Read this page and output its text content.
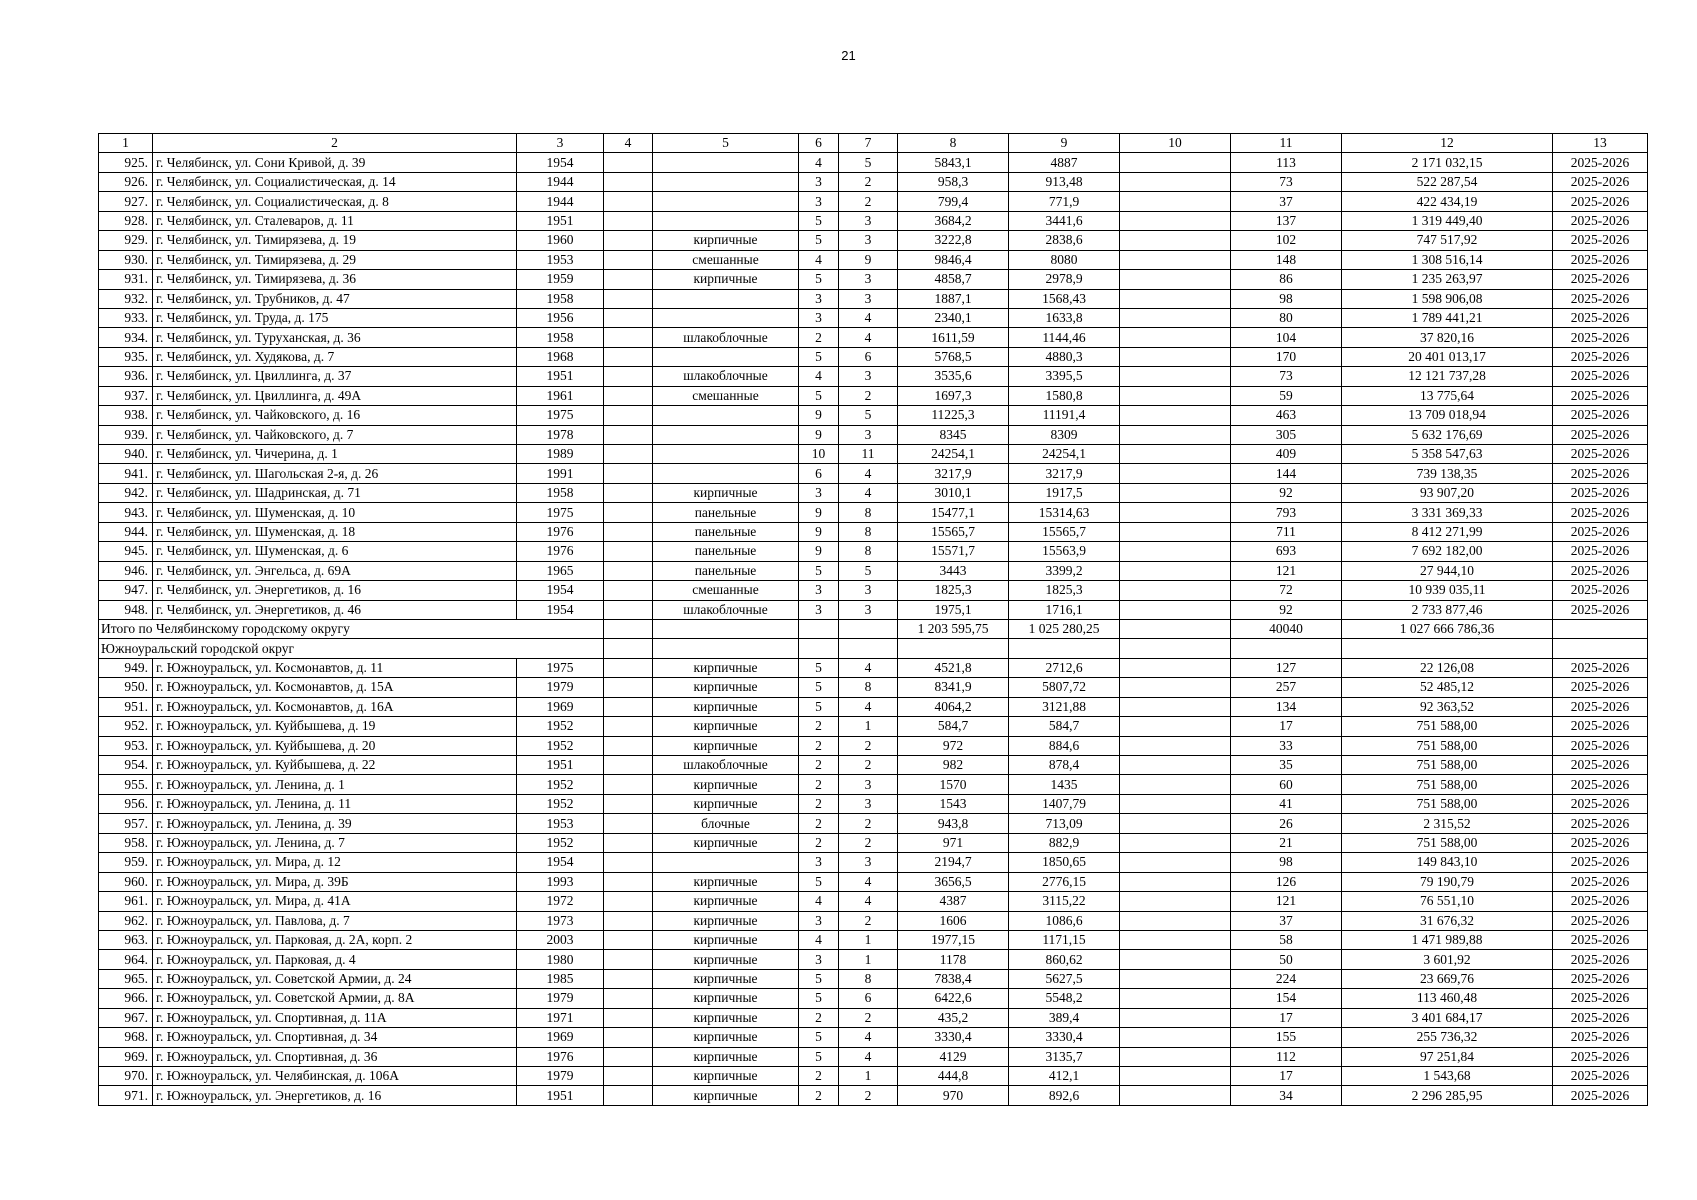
21
1	2	3	4	5	6	7	8	9	10	11	12	13
925.	г. Челябинск, ул. Сони Кривой, д. 39	1954			4	5	5843,1	4887		113	2 171 032,15	2025-2026
926.	г. Челябинск, ул. Социалистическая, д. 14	1944			3	2	958,3	913,48		73	522 287,54	2025-2026
927.	г. Челябинск, ул. Социалистическая, д. 8	1944			3	2	799,4	771,9		37	422 434,19	2025-2026
928.	г. Челябинск, ул. Сталеваров, д. 11	1951			5	3	3684,2	3441,6		137	1 319 449,40	2025-2026
929.	г. Челябинск, ул. Тимирязева, д. 19	1960		кирпичные	5	3	3222,8	2838,6		102	747 517,92	2025-2026
930.	г. Челябинск, ул. Тимирязева, д. 29	1953		смешанные	4	9	9846,4	8080		148	1 308 516,14	2025-2026
931.	г. Челябинск, ул. Тимирязева, д. 36	1959		кирпичные	5	3	4858,7	2978,9		86	1 235 263,97	2025-2026
932.	г. Челябинск, ул. Трубников, д. 47	1958			3	3	1887,1	1568,43		98	1 598 906,08	2025-2026
933.	г. Челябинск, ул. Труда, д. 175	1956			3	4	2340,1	1633,8		80	1 789 441,21	2025-2026
934.	г. Челябинск, ул. Туруханская, д. 36	1958		шлакоблочные	2	4	1611,59	1144,46		104	37 820,16	2025-2026
935.	г. Челябинск, ул. Худякова, д. 7	1968			5	6	5768,5	4880,3		170	20 401 013,17	2025-2026
936.	г. Челябинск, ул. Цвиллинга, д. 37	1951		шлакоблочные	4	3	3535,6	3395,5		73	12 121 737,28	2025-2026
937.	г. Челябинск, ул. Цвиллинга, д. 49А	1961		смешанные	5	2	1697,3	1580,8		59	13 775,64	2025-2026
938.	г. Челябинск, ул. Чайковского, д. 16	1975			9	5	11225,3	11191,4		463	13 709 018,94	2025-2026
939.	г. Челябинск, ул. Чайковского, д. 7	1978			9	3	8345	8309		305	5 632 176,69	2025-2026
940.	г. Челябинск, ул. Чичерина, д. 1	1989			10	11	24254,1	24254,1		409	5 358 547,63	2025-2026
941.	г. Челябинск, ул. Шагольская 2-я, д. 26	1991			6	4	3217,9	3217,9		144	739 138,35	2025-2026
942.	г. Челябинск, ул. Шадринская, д. 71	1958		кирпичные	3	4	3010,1	1917,5		92	93 907,20	2025-2026
943.	г. Челябинск, ул. Шуменская, д. 10	1975		панельные	9	8	15477,1	15314,63		793	3 331 369,33	2025-2026
944.	г. Челябинск, ул. Шуменская, д. 18	1976		панельные	9	8	15565,7	15565,7		711	8 412 271,99	2025-2026
945.	г. Челябинск, ул. Шуменская, д. 6	1976		панельные	9	8	15571,7	15563,9		693	7 692 182,00	2025-2026
946.	г. Челябинск, ул. Энгельса, д. 69А	1965		панельные	5	5	3443	3399,2		121	27 944,10	2025-2026
947.	г. Челябинск, ул. Энергетиков, д. 16	1954		смешанные	3	3	1825,3	1825,3		72	10 939 035,11	2025-2026
948.	г. Челябинск, ул. Энергетиков, д. 46	1954		шлакоблочные	3	3	1975,1	1716,1		92	2 733 877,46	2025-2026
Итого по Челябинскому городскому округу							1 203 595,75	1 025 280,25		40040	1 027 666 786,36	
Южноуральский городской округ												
949.	г. Южноуральск, ул. Космонавтов, д. 11	1975		кирпичные	5	4	4521,8	2712,6		127	22 126,08	2025-2026
950.	г. Южноуральск, ул. Космонавтов, д. 15А	1979		кирпичные	5	8	8341,9	5807,72		257	52 485,12	2025-2026
951.	г. Южноуральск, ул. Космонавтов, д. 16А	1969		кирпичные	5	4	4064,2	3121,88		134	92 363,52	2025-2026
952.	г. Южноуральск, ул. Куйбышева, д. 19	1952		кирпичные	2	1	584,7	584,7		17	751 588,00	2025-2026
953.	г. Южноуральск, ул. Куйбышева, д. 20	1952		кирпичные	2	2	972	884,6		33	751 588,00	2025-2026
954.	г. Южноуральск, ул. Куйбышева, д. 22	1951		шлакоблочные	2	2	982	878,4		35	751 588,00	2025-2026
955.	г. Южноуральск, ул. Ленина, д. 1	1952		кирпичные	2	3	1570	1435		60	751 588,00	2025-2026
956.	г. Южноуральск, ул. Ленина, д. 11	1952		кирпичные	2	3	1543	1407,79		41	751 588,00	2025-2026
957.	г. Южноуральск, ул. Ленина, д. 39	1953		блочные	2	2	943,8	713,09		26	2 315,52	2025-2026
958.	г. Южноуральск, ул. Ленина, д. 7	1952		кирпичные	2	2	971	882,9		21	751 588,00	2025-2026
959.	г. Южноуральск, ул. Мира, д. 12	1954			3	3	2194,7	1850,65		98	149 843,10	2025-2026
960.	г. Южноуральск, ул. Мира, д. 39Б	1993		кирпичные	5	4	3656,5	2776,15		126	79 190,79	2025-2026
961.	г. Южноуральск, ул. Мира, д. 41А	1972		кирпичные	4	4	4387	3115,22		121	76 551,10	2025-2026
962.	г. Южноуральск, ул. Павлова, д. 7	1973		кирпичные	3	2	1606	1086,6		37	31 676,32	2025-2026
963.	г. Южноуральск, ул. Парковая, д. 2А, корп. 2	2003		кирпичные	4	1	1977,15	1171,15		58	1 471 989,88	2025-2026
964.	г. Южноуральск, ул. Парковая, д. 4	1980		кирпичные	3	1	1178	860,62		50	3 601,92	2025-2026
965.	г. Южноуральск, ул. Советской Армии, д. 24	1985		кирпичные	5	8	7838,4	5627,5		224	23 669,76	2025-2026
966.	г. Южноуральск, ул. Советской Армии, д. 8А	1979		кирпичные	5	6	6422,6	5548,2		154	113 460,48	2025-2026
967.	г. Южноуральск, ул. Спортивная, д. 11А	1971		кирпичные	2	2	435,2	389,4		17	3 401 684,17	2025-2026
968.	г. Южноуральск, ул. Спортивная, д. 34	1969		кирпичные	5	4	3330,4	3330,4		155	255 736,32	2025-2026
969.	г. Южноуральск, ул. Спортивная, д. 36	1976		кирпичные	5	4	4129	3135,7		112	97 251,84	2025-2026
970.	г. Южноуральск, ул. Челябинская, д. 106А	1979		кирпичные	2	1	444,8	412,1		17	1 543,68	2025-2026
971.	г. Южноуральск, ул. Энергетиков, д. 16	1951		кирпичные	2	2	970	892,6		34	2 296 285,95	2025-2026
